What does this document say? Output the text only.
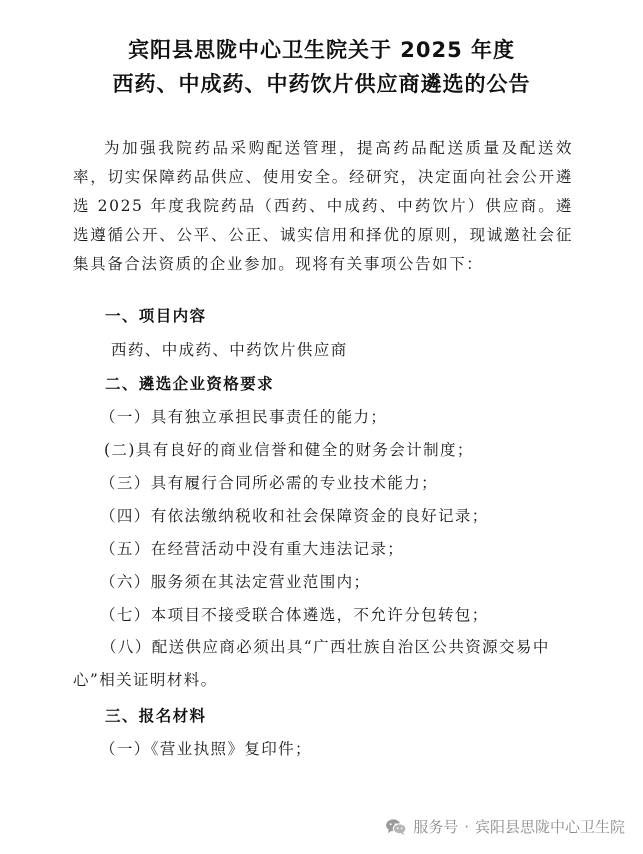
宾阳县思陇中心卫生院关于 2025 年度
西药、中成药、中药饮片供应商遴选的公告
为加强我院药品采购配送管理，提高药品配送质量及配送效率，切实保障药品供应、使用安全。经研究，决定面向社会公开遴选 2025 年度我院药品（西药、中成药、中药饮片）供应商。遴选遵循公开、公平、公正、诚实信用和择优的原则，现诚邀社会征集具备合法资质的企业参加。现将有关事项公告如下：
一、项目内容
西药、中成药、中药饮片供应商
二、遴选企业资格要求
（一）具有独立承担民事责任的能力；
(二)具有良好的商业信誉和健全的财务会计制度；
（三）具有履行合同所必需的专业技术能力；
（四）有依法缴纳税收和社会保障资金的良好记录；
（五）在经营活动中没有重大违法记录；
（六）服务须在其法定营业范围内；
（七）本项目不接受联合体遴选，不允许分包转包；
（八）配送供应商必须出具“广西壮族自治区公共资源交易中心”相关证明材料。
三、报名材料
（一）《营业执照》复印件；
服务号 · 宾阳县思陇中心卫生院
